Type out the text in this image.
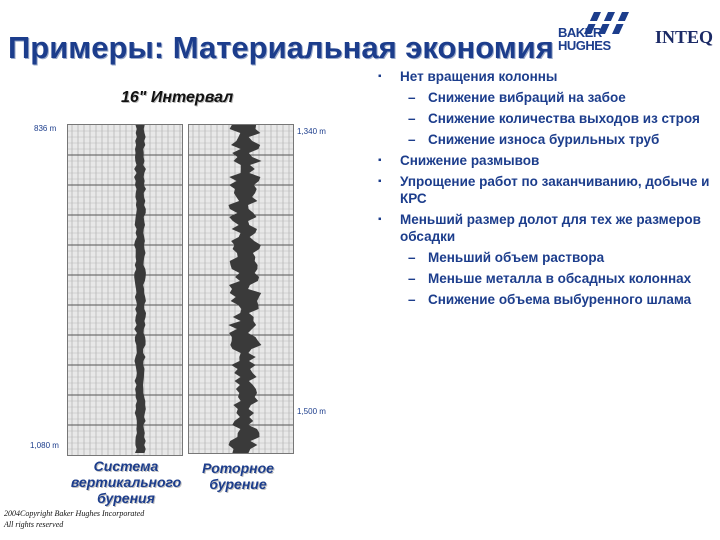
Примеры: Материальная экономия BAKER
HUGHES INTEQ
16" Интервал
836 m
1,080 m
1,340 m
1,500 m
Система
вертикального
бурения
Роторное
бурение
▪ Нет вращения колонны
– Снижение вибраций на забое
– Снижение количества выходов из строя
– Снижение износа бурильных труб
▪ Снижение размывов
▪ Упрощение работ по заканчиванию, добыче и КРС
▪ Меньший размер долот для тех же размеров обсадки
– Меньший объем раствора
– Меньше металла в обсадных колоннах
– Снижение объема выбуренного шлама
2004Copyright Baker Hughes Incorporated
All rights reserved
